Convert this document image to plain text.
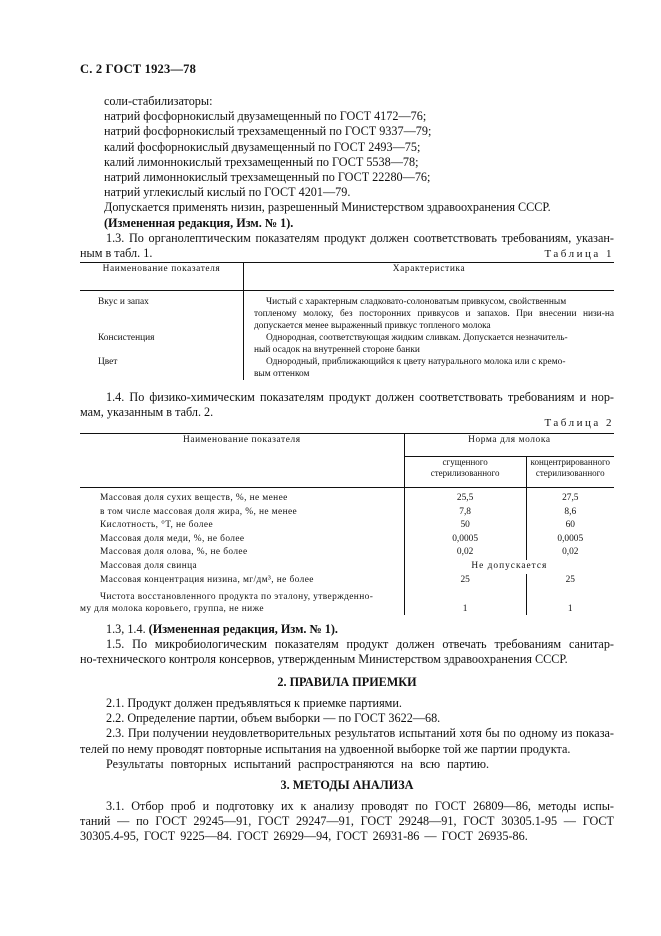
С. 2 ГОСТ 1923—78
соли-стабилизаторы:
натрий фосфорнокислый двузамещенный по ГОСТ 4172—76;
натрий фосфорнокислый трехзамещенный по ГОСТ 9337—79;
калий фосфорнокислый двузамещенный по ГОСТ 2493—75;
калий лимоннокислый трехзамещенный по ГОСТ 5538—78;
натрий лимоннокислый трехзамещенный по ГОСТ 22280—76;
натрий углекислый кислый по ГОСТ 4201—79.
Допускается применять низин, разрешенный Министерством здравоохранения СССР.
(Измененная редакция, Изм. № 1).
1.3. По органолептическим показателям продукт должен соответствовать требованиям, указан-
ным в табл. 1.	Таблица 1
Наименование показателя	Характеристика

Вкус и запах	Чистый с характерным сладковато-солоноватым привкусом, свойственным
топленому молоку, без посторонних привкусов и запахов. При внесении низи-на допускается менее выраженный привкус топленого молока

Консистенция	Однородная, соответствующая жидким сливкам. Допускается незначитель-
ный осадок на внутренней стороне банки

Цвет	Однородный, приближающийся к цвету натурального молока или с кремо-
вым оттенком
1.4. По физико-химическим показателям продукт должен соответствовать требованиям и нор-
мам, указанным в табл. 2.
Таблица 2
Наименование показателя	Норма для молока	
	сгущенного стерилизованного	концентрированного стерилизованного

Массовая доля сухих веществ, %, не менее	25,5	27,5
в том числе массовая доля жира, %, не менее	7,8	8,6
Кислотность, °Т, не более	50	60
Массовая доля меди, %, не более	0,0005	0,0005
Массовая доля олова, %, не более	0,02	0,02
Массовая доля свинца	Не допускается	
Массовая концентрация низина, мг/дм³, не более	25	25

Чистота восстановленного продукта по эталону, утвержденно-
му для молока коровьего, группа, не ниже	1	1
1.3, 1.4. (Измененная редакция, Изм. № 1).
1.5. По микробиологическим показателям продукт должен отвечать требованиям санитар-
но-технического контроля консервов, утвержденным Министерством здравоохранения СССР.
2. ПРАВИЛА ПРИЕМКИ
2.1. Продукт должен предъявляться к приемке партиями.
2.2. Определение партии, объем выборки — по ГОСТ 3622—68.
2.3. При получении неудовлетворительных результатов испытаний хотя бы по одному из показа-
телей по нему проводят повторные испытания на удвоенной выборке той же партии продукта.
Результаты повторных испытаний распространяются на всю партию.
3. МЕТОДЫ АНАЛИЗА
3.1. Отбор проб и подготовку их к анализу проводят по ГОСТ 26809—86, методы испы-
таний — по ГОСТ 29245—91, ГОСТ 29247—91, ГОСТ 29248—91, ГОСТ 30305.1-95 — ГОСТ
30305.4-95, ГОСТ 9225—84. ГОСТ 26929—94, ГОСТ 26931-86 — ГОСТ 26935-86.
